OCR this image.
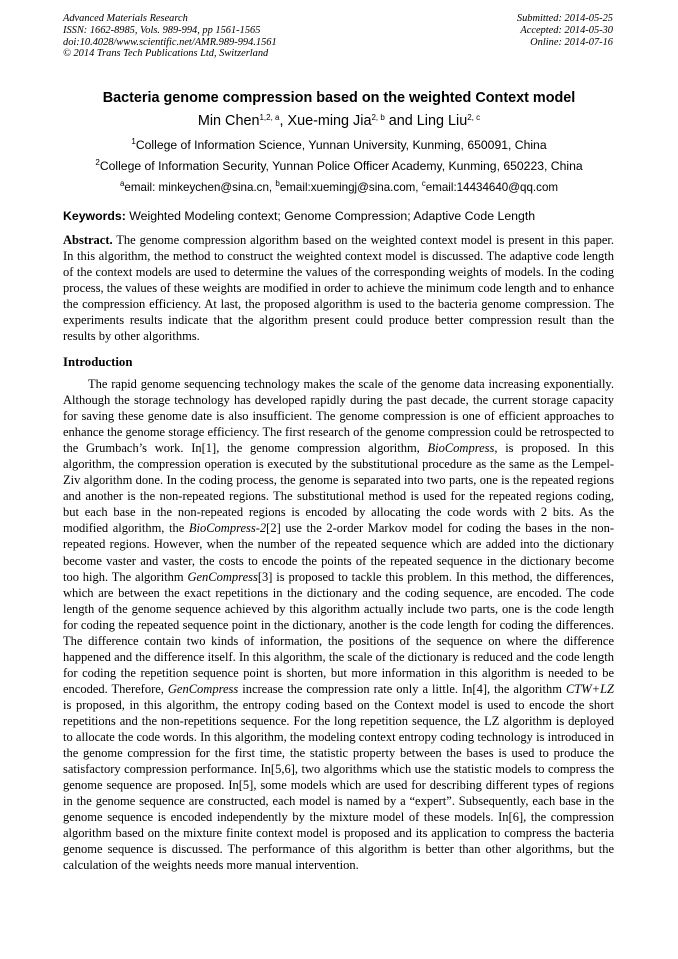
Advanced Materials Research
ISSN: 1662-8985, Vols. 989-994, pp 1561-1565
doi:10.4028/www.scientific.net/AMR.989-994.1561
© 2014 Trans Tech Publications Ltd, Switzerland
Submitted: 2014-05-25
Accepted: 2014-05-30
Online: 2014-07-16
Bacteria genome compression based on the weighted Context model
Min Chen$^{1,2, a}$, Xue-ming Jia$^{2, b}$ and Ling Liu$^{2, c}$
$^1$College of Information Science, Yunnan University, Kunming, 650091, China
$^2$College of Information Security, Yunnan Police Officer Academy, Kunming, 650223, China
$^a$email: minkeychen@sina.cn, $^b$email:xuemingj@sina.com, $^c$email:14434640@qq.com
Keywords: Weighted Modeling context; Genome Compression; Adaptive Code Length
Abstract. The genome compression algorithm based on the weighted context model is present in this paper. In this algorithm, the method to construct the weighted context model is discussed. The adaptive code length of the context models are used to determine the values of the corresponding weights of models. In the coding process, the values of these weights are modified in order to achieve the minimum code length and to enhance the compression efficiency. At last, the proposed algorithm is used to the bacteria genome compression. The experiments results indicate that the algorithm present could produce better compression result than the results by other algorithms.
Introduction
The rapid genome sequencing technology makes the scale of the genome data increasing exponentially. Although the storage technology has developed rapidly during the past decade, the current storage capacity for saving these genome date is also insufficient. The genome compression is one of efficient approaches to enhance the genome storage efficiency. The first research of the genome compression could be retrospected to the Grumbach’s work. In[1], the genome compression algorithm, BioCompress, is proposed. In this algorithm, the compression operation is executed by the substitutional procedure as the same as the Lempel-Ziv algorithm done. In the coding process, the genome is separated into two parts, one is the repeated regions and another is the non-repeated regions. The substitutional method is used for the repeated regions coding, but each base in the non-repeated regions is encoded by allocating the code words with 2 bits. As the modified algorithm, the BioCompress-2[2] use the 2-order Markov model for coding the bases in the non-repeated regions. However, when the number of the repeated sequence which are added into the dictionary become vaster and vaster, the costs to encode the points of the repeated sequence in the dictionary become too high. The algorithm GenCompress[3] is proposed to tackle this problem. In this method, the differences, which are between the exact repetitions in the dictionary and the coding sequence, are encoded. The code length of the genome sequence achieved by this algorithm actually include two parts, one is the code length for coding the repeated sequence point in the dictionary, another is the code length for coding the differences. The difference contain two kinds of information, the positions of the sequence on where the difference happened and the difference itself. In this algorithm, the scale of the dictionary is reduced and the code length for coding the repetition sequence point is shorten, but more information in this algorithm is needed to be encoded. Therefore, GenCompress increase the compression rate only a little. In[4], the algorithm CTW+LZ is proposed, in this algorithm, the entropy coding based on the Context model is used to encode the short repetitions and the non-repetitions sequence. For the long repetition sequence, the LZ algorithm is deployed to allocate the code words. In this algorithm, the modeling context entropy coding technology is introduced in the genome compression for the first time, the statistic property between the bases is used to produce the satisfactory compression performance. In[5,6], two algorithms which use the statistic models to compress the genome sequence are proposed. In[5], some models which are used for describing different types of regions in the genome sequence are constructed, each model is named by a “expert”. Subsequently, each base in the genome sequence is encoded independently by the mixture model of these models. In[6], the compression algorithm based on the mixture finite context model is proposed and its application to compress the bacteria genome sequence is discussed. The performance of this algorithm is better than other algorithms, but the calculation of the weights needs more manual intervention.
